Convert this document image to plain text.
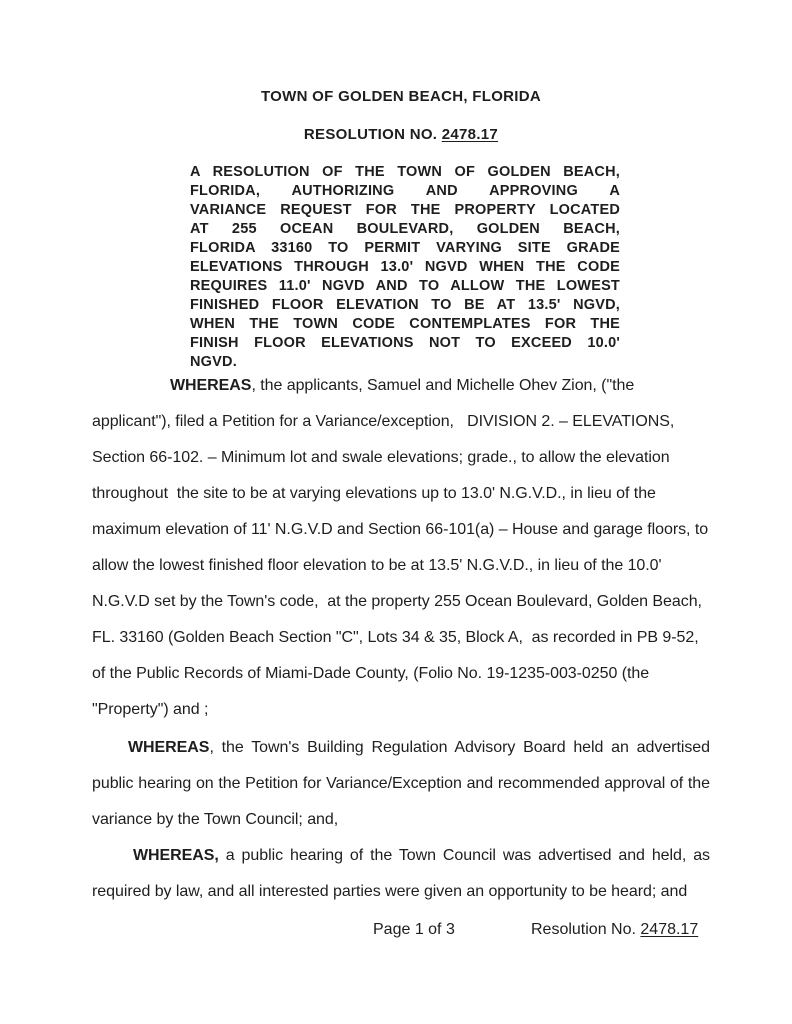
TOWN OF GOLDEN BEACH, FLORIDA
RESOLUTION NO. 2478.17
A RESOLUTION OF THE TOWN OF GOLDEN BEACH,
FLORIDA, AUTHORIZING AND APPROVING A
VARIANCE REQUEST FOR THE PROPERTY LOCATED
AT 255 OCEAN BOULEVARD, GOLDEN BEACH,
FLORIDA 33160 TO PERMIT VARYING SITE GRADE
ELEVATIONS THROUGH 13.0' NGVD WHEN THE CODE
REQUIRES 11.0' NGVD AND TO ALLOW THE LOWEST
FINISHED FLOOR ELEVATION TO BE AT 13.5' NGVD,
WHEN THE TOWN CODE CONTEMPLATES FOR THE
FINISH FLOOR ELEVATIONS NOT TO EXCEED 10.0'
NGVD.

WHEREAS, the applicants, Samuel and Michelle Ohev Zion, ("the applicant"), filed a Petition for a Variance/exception,   DIVISION 2. – ELEVATIONS, Section 66-102. – Minimum lot and swale elevations; grade., to allow the elevation throughout  the site to be at varying elevations up to 13.0' N.G.V.D., in lieu of the maximum elevation of 11' N.G.V.D and Section 66-101(a) – House and garage floors, to allow the lowest finished floor elevation to be at 13.5' N.G.V.D., in lieu of the 10.0' N.G.V.D set by the Town's code,  at the property 255 Ocean Boulevard, Golden Beach, FL. 33160 (Golden Beach Section "C", Lots 34 & 35, Block A,  as recorded in PB 9-52, of the Public Records of Miami-Dade County, (Folio No. 19-1235-003-0250 (the "Property") and ;

WHEREAS, the Town's Building Regulation Advisory Board held an advertised public hearing on the Petition for Variance/Exception and recommended approval of the variance by the Town Council; and,

WHEREAS, a public hearing of the Town Council was advertised and held, as required by law, and all interested parties were given an opportunity to be heard; and

Page 1 of 3	Resolution No. 2478.17
